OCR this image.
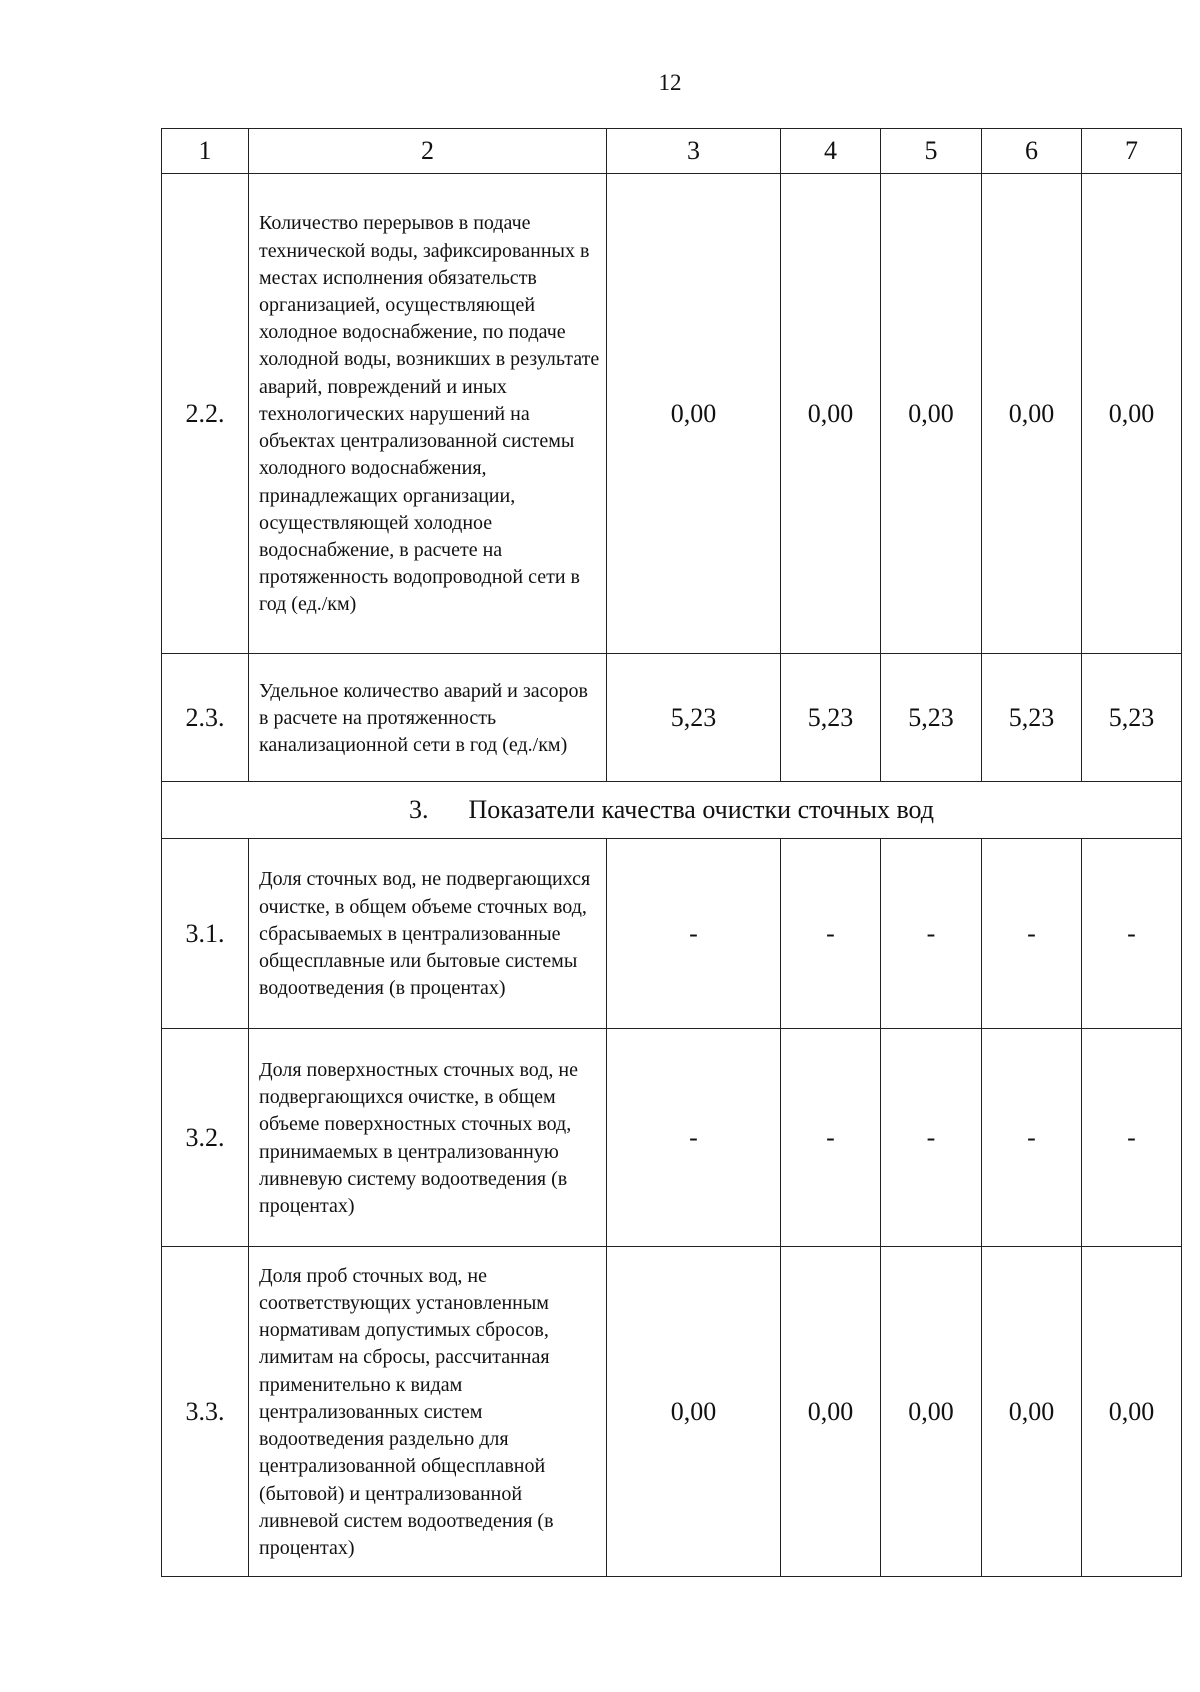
12
1	2	3	4	5	6	7
2.2.	Количество перерывов в подаче технической воды, зафиксированных в местах исполнения обязательств организацией, осуществляющей холодное водоснабжение, по подаче холодной воды, возникших в результате аварий, повреждений и иных технологических нарушений на объектах централизованной системы холодного водоснабжения, принадлежащих организации, осуществляющей холодное водоснабжение, в расчете на протяженность водопроводной сети в год (ед./км)	0,00	0,00	0,00	0,00	0,00
2.3.	Удельное количество аварий и засоров в расчете на протяженность канализационной сети в год (ед./км)	5,23	5,23	5,23	5,23	5,23
3. Показатели качества очистки сточных вод						
3.1.	Доля сточных вод, не подвергающихся очистке, в общем объеме сточных вод, сбрасываемых в централизованные общесплавные или бытовые системы водоотведения (в процентах)	-	-	-	-	-
3.2.	Доля поверхностных сточных вод, не подвергающихся очистке, в общем объеме поверхностных сточных вод, принимаемых в централизованную ливневую систему водоотведения (в процентах)	-	-	-	-	-
3.3.	Доля проб сточных вод, не соответствующих установленным нормативам допустимых сбросов, лимитам на сбросы, рассчитанная применительно к видам централизованных систем водоотведения раздельно для централизованной общесплавной (бытовой) и централизованной ливневой систем водоотведения (в процентах)	0,00	0,00	0,00	0,00	0,00
